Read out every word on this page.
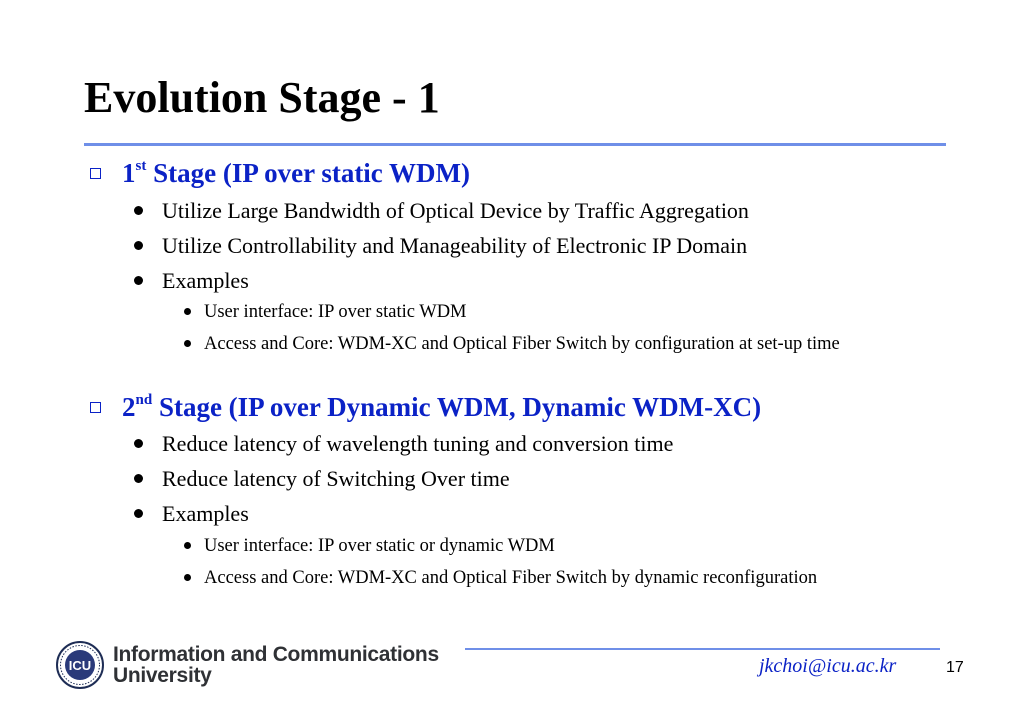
Evolution Stage - 1
1st Stage (IP over static WDM)
Utilize Large Bandwidth of Optical Device by Traffic Aggregation
Utilize Controllability and Manageability of Electronic IP Domain
Examples
User interface: IP over static WDM
Access and Core: WDM-XC and Optical Fiber Switch by configuration at set-up time
2nd Stage (IP over Dynamic WDM, Dynamic WDM-XC)
Reduce latency of wavelength tuning and conversion time
Reduce latency of Switching Over time
Examples
User interface: IP over static or dynamic WDM
Access and Core: WDM-XC and Optical Fiber Switch by dynamic reconfiguration
ICU Information and Communications
University	jkchoi@icu.ac.kr	17
